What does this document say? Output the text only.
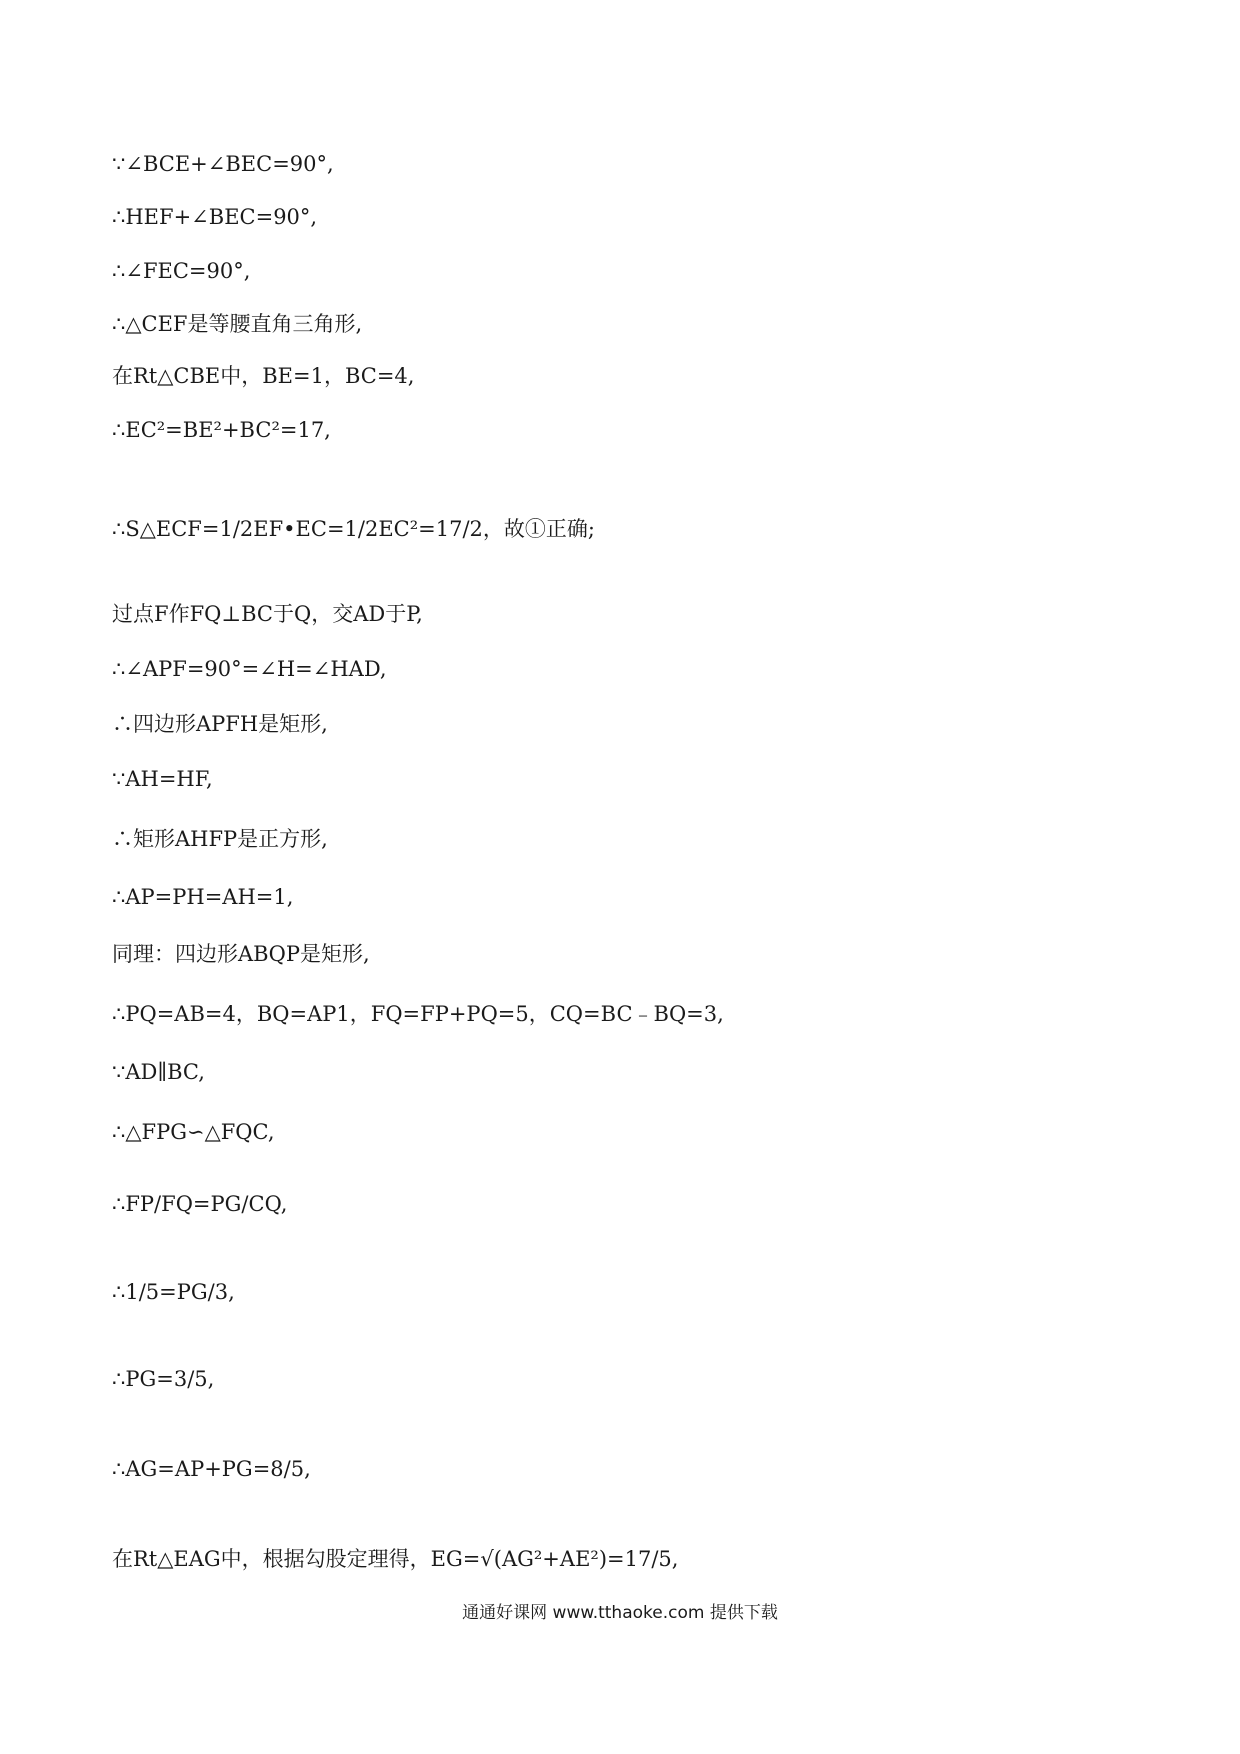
∵∠BCE+∠BEC=90°,
∴HEF+∠BEC=90°,
∴∠FEC=90°,
∴△CEF是等腰直角三角形,
在Rt△CBE中，BE=1，BC=4,
∴EC²=BE²+BC²=17,
∴S△ECF=1/2EF•EC=1/2EC²=17/2，故①正确;
过点F作FQ⊥BC于Q，交AD于P,
∴∠APF=90°=∠H=∠HAD,
∴四边形APFH是矩形,
∵AH=HF,
∴矩形AHFP是正方形,
∴AP=PH=AH=1,
同理：四边形ABQP是矩形,
∴PQ=AB=4，BQ=AP1，FQ=FP+PQ=5，CQ=BC﹣BQ=3,
∵AD∥BC,
∴△FPG∽△FQC,
∴FP/FQ=PG/CQ,
∴1/5=PG/3,
∴PG=3/5,
∴AG=AP+PG=8/5,
在Rt△EAG中，根据勾股定理得，EG=√(AG²+AE²)=17/5,
通通好课网 www.tthaoke.com 提供下载
